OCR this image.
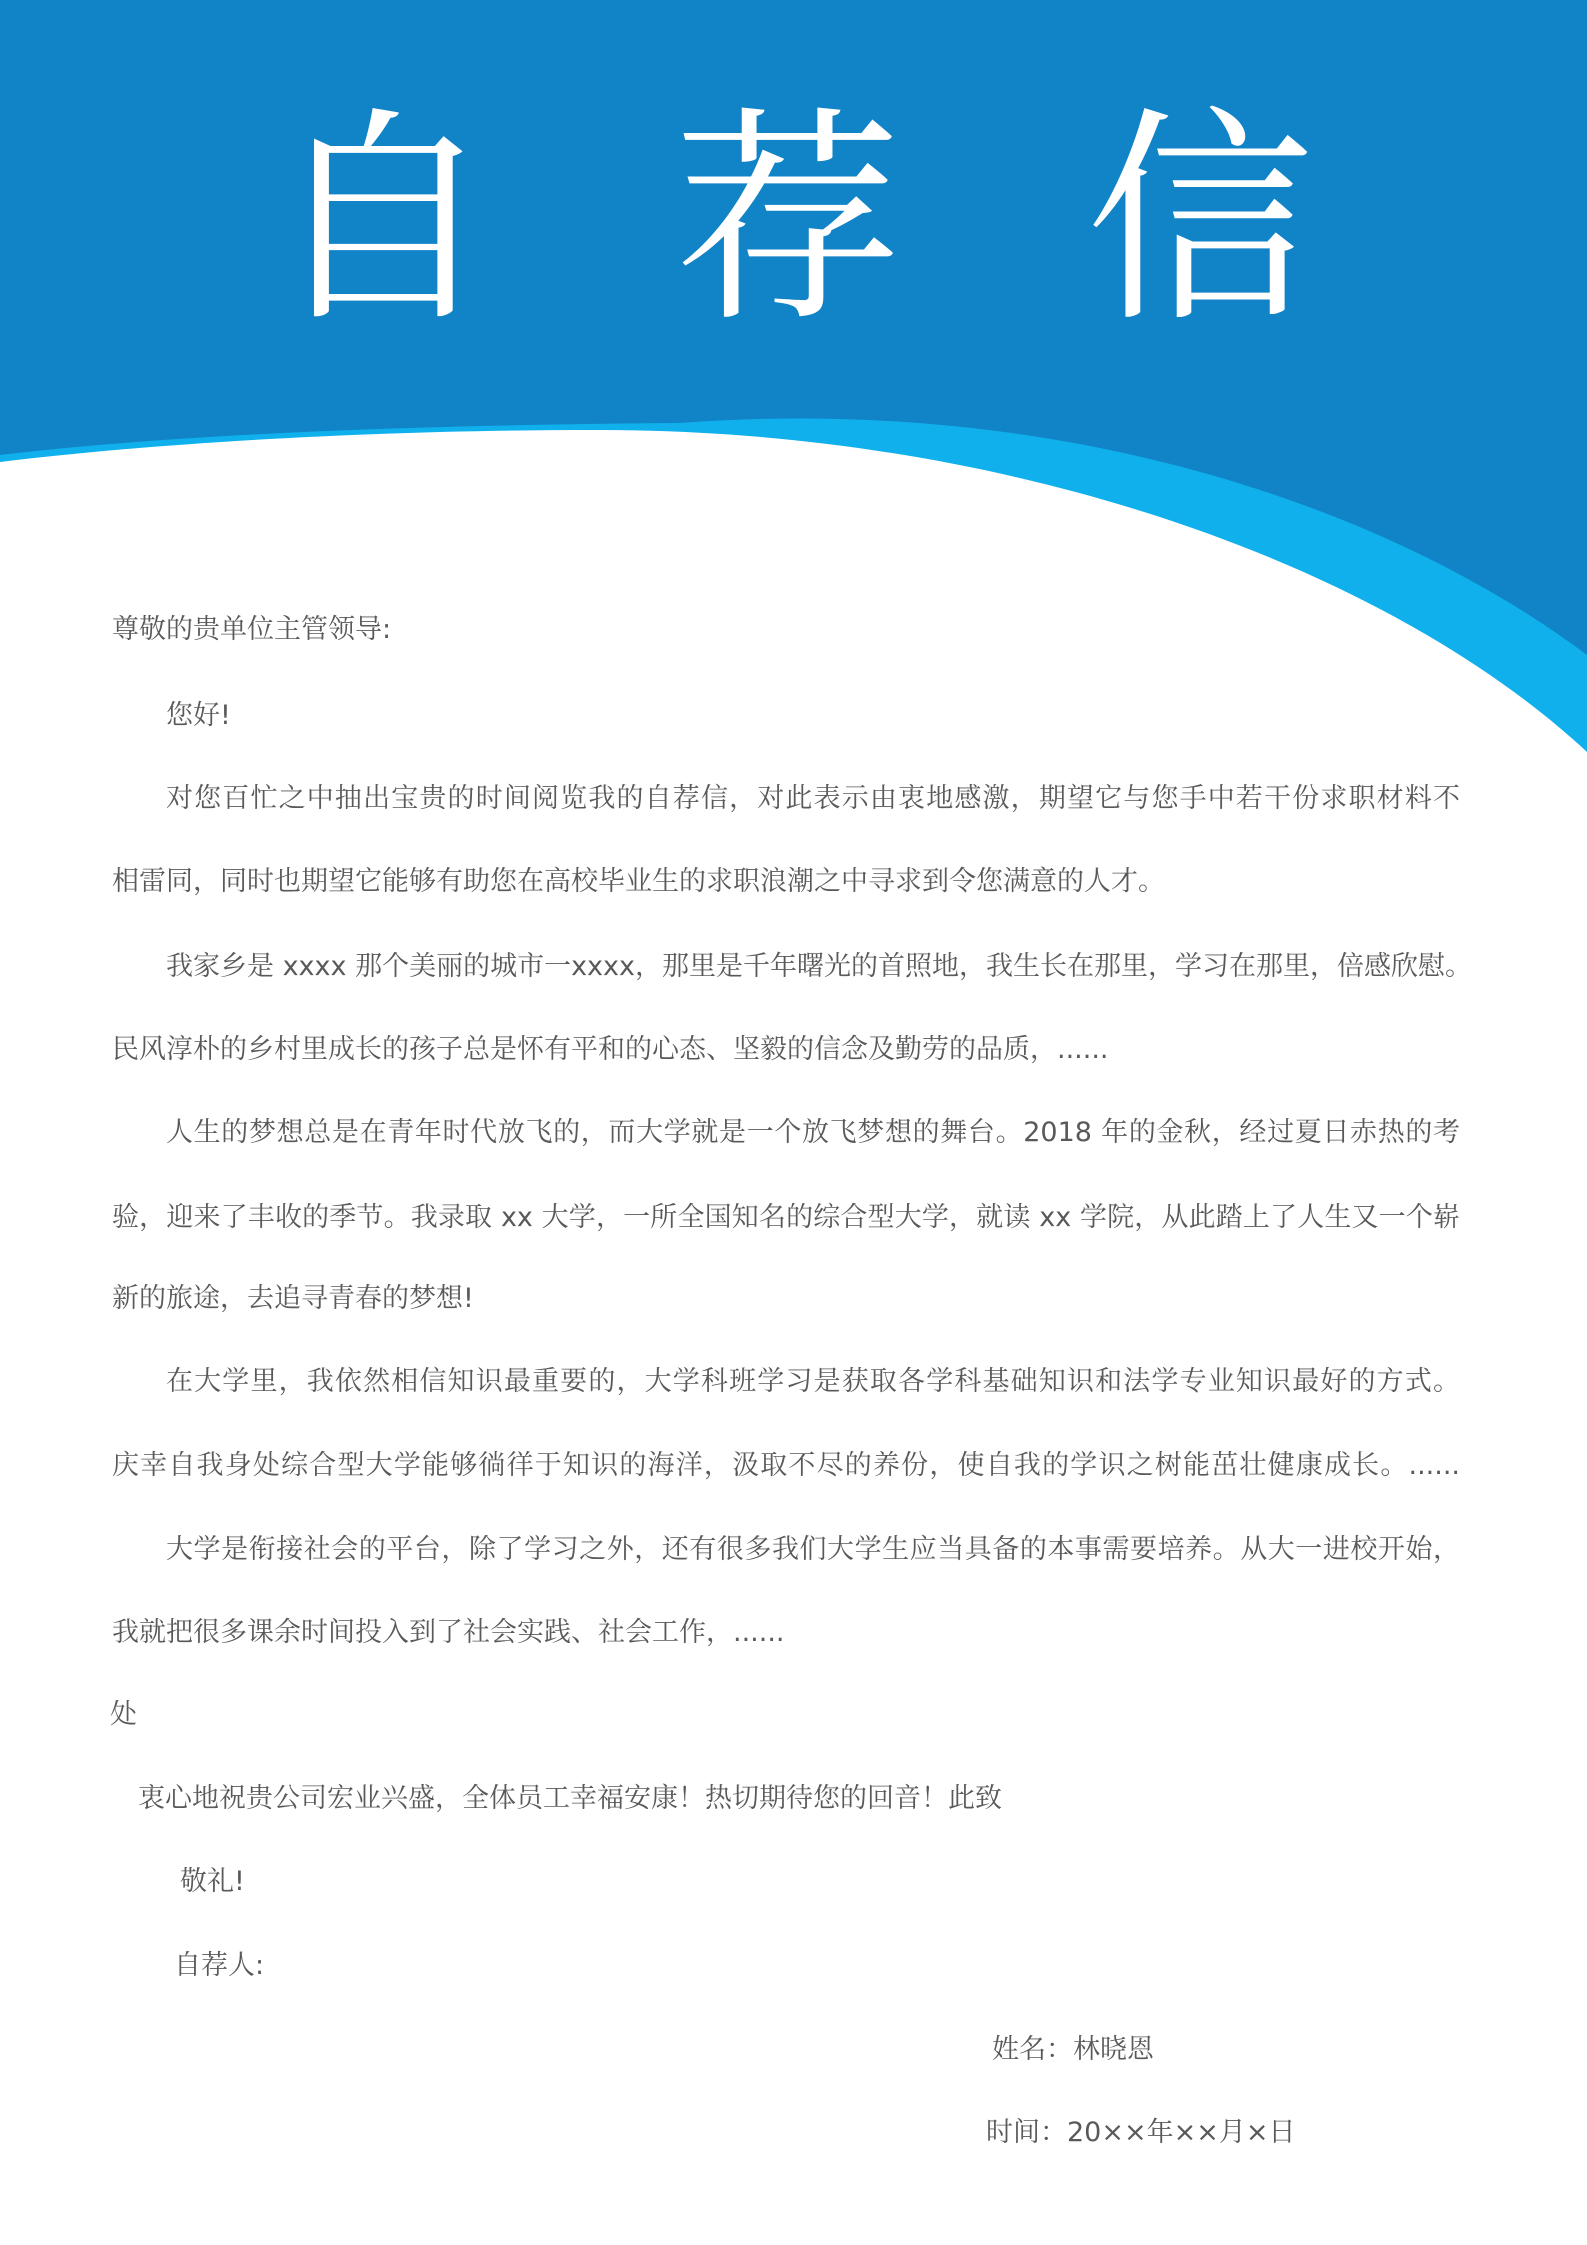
自 荐 信
尊敬的贵单位主管领导:
您好!
对您百忙之中抽出宝贵的时间阅览我的自荐信，对此表示由衷地感激，期望它与您手中若干份求职材料不
相雷同，同时也期望它能够有助您在高校毕业生的求职浪潮之中寻求到令您满意的人才。
我家乡是 xxxx 那个美丽的城市一xxxx，那里是千年曙光的首照地，我生长在那里，学习在那里，倍感欣慰。
民风淳朴的乡村里成长的孩子总是怀有平和的心态、坚毅的信念及勤劳的品质，......
人生的梦想总是在青年时代放飞的，而大学就是一个放飞梦想的舞台。2018 年的金秋，经过夏日赤热的考
验，迎来了丰收的季节。我录取 xx 大学，一所全国知名的综合型大学，就读 xx 学院，从此踏上了人生又一个崭
新的旅途，去追寻青春的梦想!
在大学里，我依然相信知识最重要的，大学科班学习是获取各学科基础知识和法学专业知识最好的方式。
庆幸自我身处综合型大学能够徜徉于知识的海洋，汲取不尽的养份，使自我的学识之树能茁壮健康成长。......
大学是衔接社会的平台，除了学习之外，还有很多我们大学生应当具备的本事需要培养。从大一进校开始，
我就把很多课余时间投入到了社会实践、社会工作，......
处
衷心地祝贵公司宏业兴盛，全体员工幸福安康！热切期待您的回音！此致
敬礼!
自荐人:
姓名：林晓恩
时间：20××年××月×日
